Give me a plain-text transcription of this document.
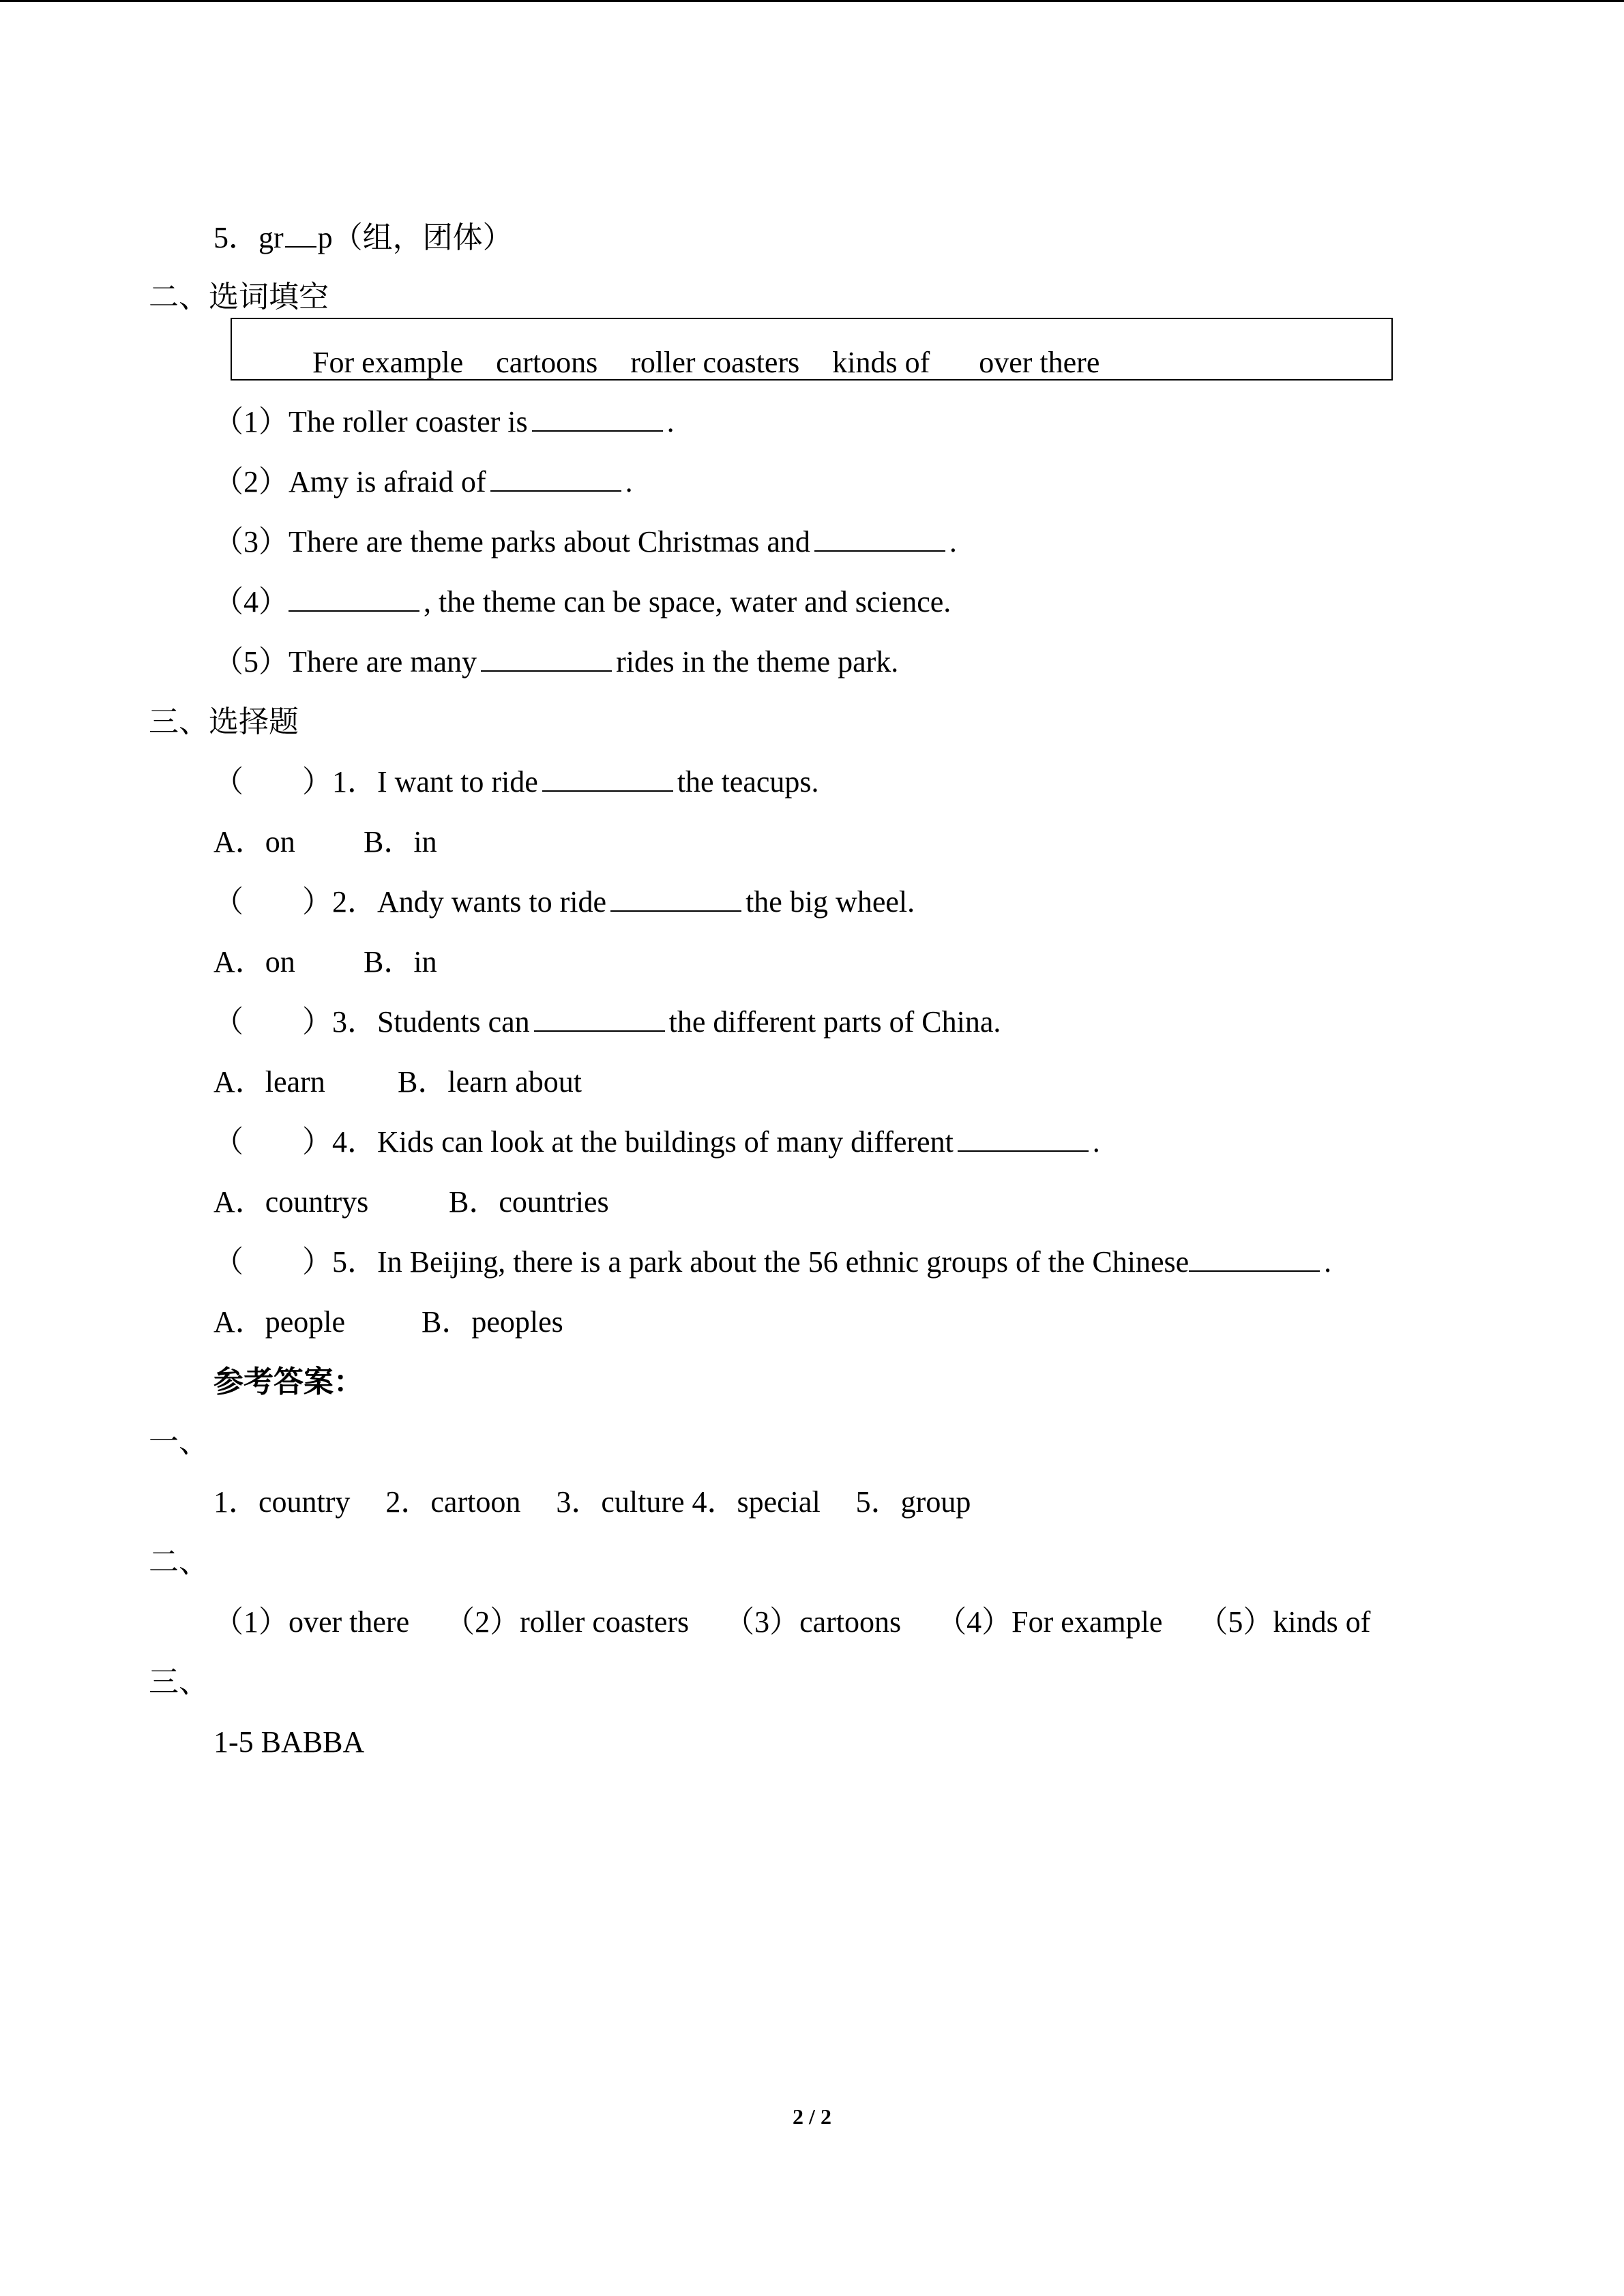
5．gr p（组，团体）
二、选词填空
For example cartoons roller coasters kinds of over there
（1）The roller coaster is	.
（2）Amy is afraid of	.
（3）There are theme parks about Christmas and	.
（4）	, the theme can be space, water and science.
（5）There are many	rides in the theme park.
三、选择题
（ ）1．I want to ride	the teacups.
A．on B．in
（ ）2．Andy wants to ride	the big wheel.
A．on B．in
（ ）3．Students can	the different parts of China.
A．learn B．learn about
（ ）4．Kids can look at the buildings of many different	.
A．countrys	B．countries
（ ）5．In Beijing, there is a park about the 56 ethnic groups of the Chinese	.
A．people	B．peoples
参考答案：
一、
1．country 2．cartoon 3．culture 4．special 5．group
二、
（1）over there （2）roller coasters （3）cartoons （4）For example （5）kinds of
三、
1-5 BABBA
2 / 2
